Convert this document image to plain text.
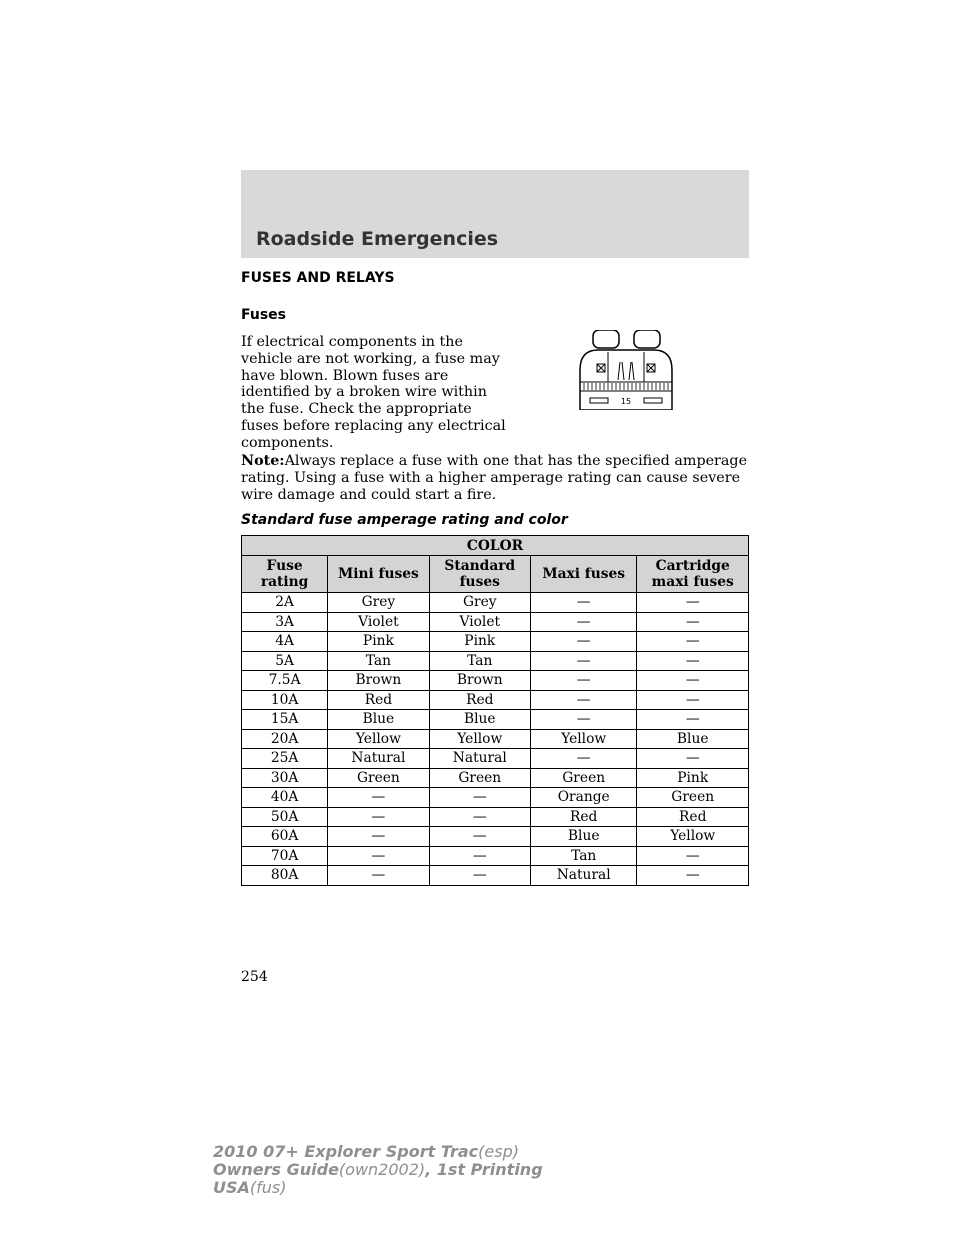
Roadside Emergencies
FUSES AND RELAYS
Fuses
If electrical components in the vehicle are not working, a fuse may have blown. Blown fuses are identified by a broken wire within the fuse. Check the appropriate fuses before replacing any electrical components.
15
Note:Always replace a fuse with one that has the specified amperage rating. Using a fuse with a higher amperage rating can cause severe wire damage and could start a fire.
Standard fuse amperage rating and color
COLOR				
Fuse rating	Mini fuses	Standard fuses	Maxi fuses	Cartridge maxi fuses
2A	Grey	Grey	—	—
3A	Violet	Violet	—	—
4A	Pink	Pink	—	—
5A	Tan	Tan	—	—
7.5A	Brown	Brown	—	—
10A	Red	Red	—	—
15A	Blue	Blue	—	—
20A	Yellow	Yellow	Yellow	Blue
25A	Natural	Natural	—	—
30A	Green	Green	Green	Pink
40A	—	—	Orange	Green
50A	—	—	Red	Red
60A	—	—	Blue	Yellow
70A	—	—	Tan	—
80A	—	—	Natural	—
254
2010 07+ Explorer Sport Trac(esp)
Owners Guide(own2002), 1st Printing
USA(fus)
